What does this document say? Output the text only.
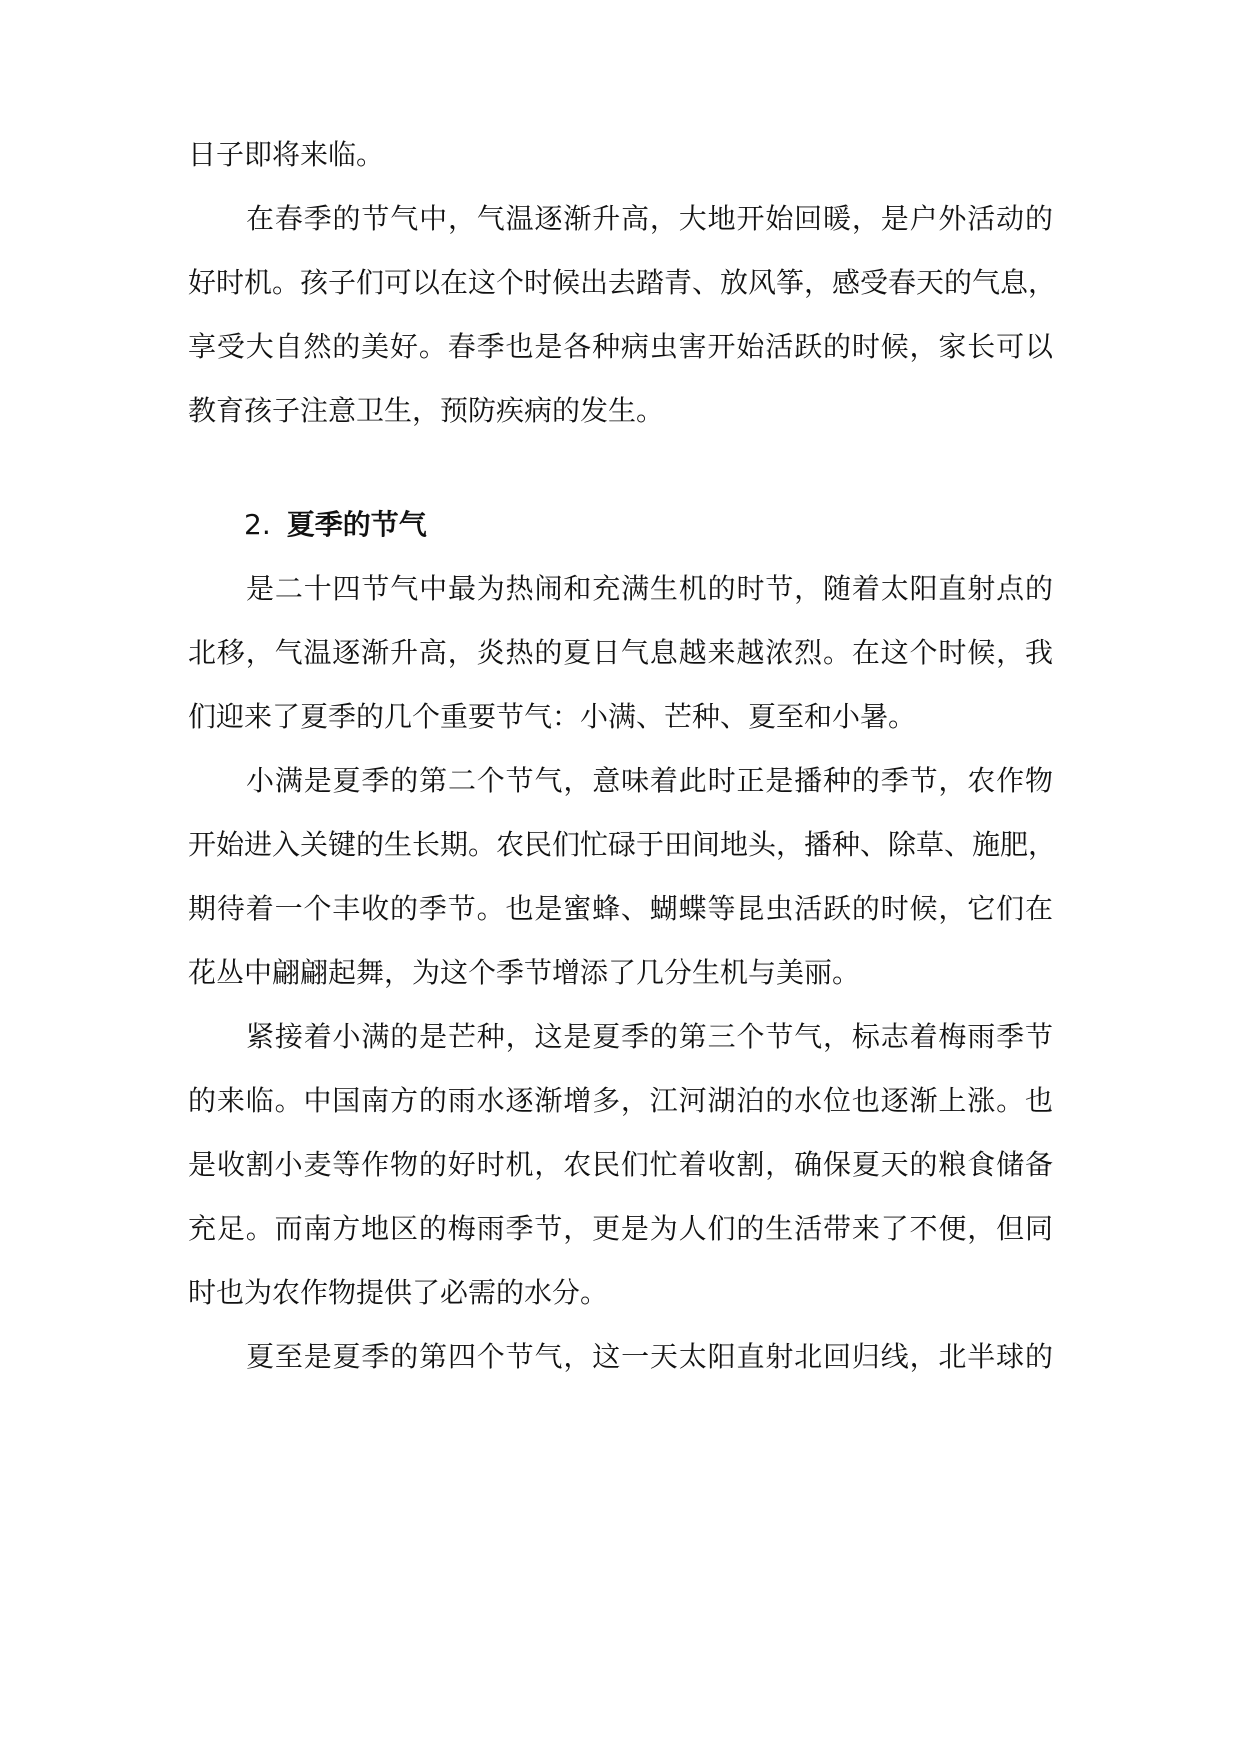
日子即将来临。
在春季的节气中，气温逐渐升高，大地开始回暖，是户外活动的
好时机。孩子们可以在这个时候出去踏青、放风筝，感受春天的气息，
享受大自然的美好。春季也是各种病虫害开始活跃的时候，家长可以
教育孩子注意卫生，预防疾病的发生。
2. 夏季的节气
是二十四节气中最为热闹和充满生机的时节，随着太阳直射点的
北移，气温逐渐升高，炎热的夏日气息越来越浓烈。在这个时候，我
们迎来了夏季的几个重要节气：小满、芒种、夏至和小暑。
小满是夏季的第二个节气，意味着此时正是播种的季节，农作物
开始进入关键的生长期。农民们忙碌于田间地头，播种、除草、施肥，
期待着一个丰收的季节。也是蜜蜂、蝴蝶等昆虫活跃的时候，它们在
花丛中翩翩起舞，为这个季节增添了几分生机与美丽。
紧接着小满的是芒种，这是夏季的第三个节气，标志着梅雨季节
的来临。中国南方的雨水逐渐增多，江河湖泊的水位也逐渐上涨。也
是收割小麦等作物的好时机，农民们忙着收割，确保夏天的粮食储备
充足。而南方地区的梅雨季节，更是为人们的生活带来了不便，但同
时也为农作物提供了必需的水分。
夏至是夏季的第四个节气，这一天太阳直射北回归线，北半球的
